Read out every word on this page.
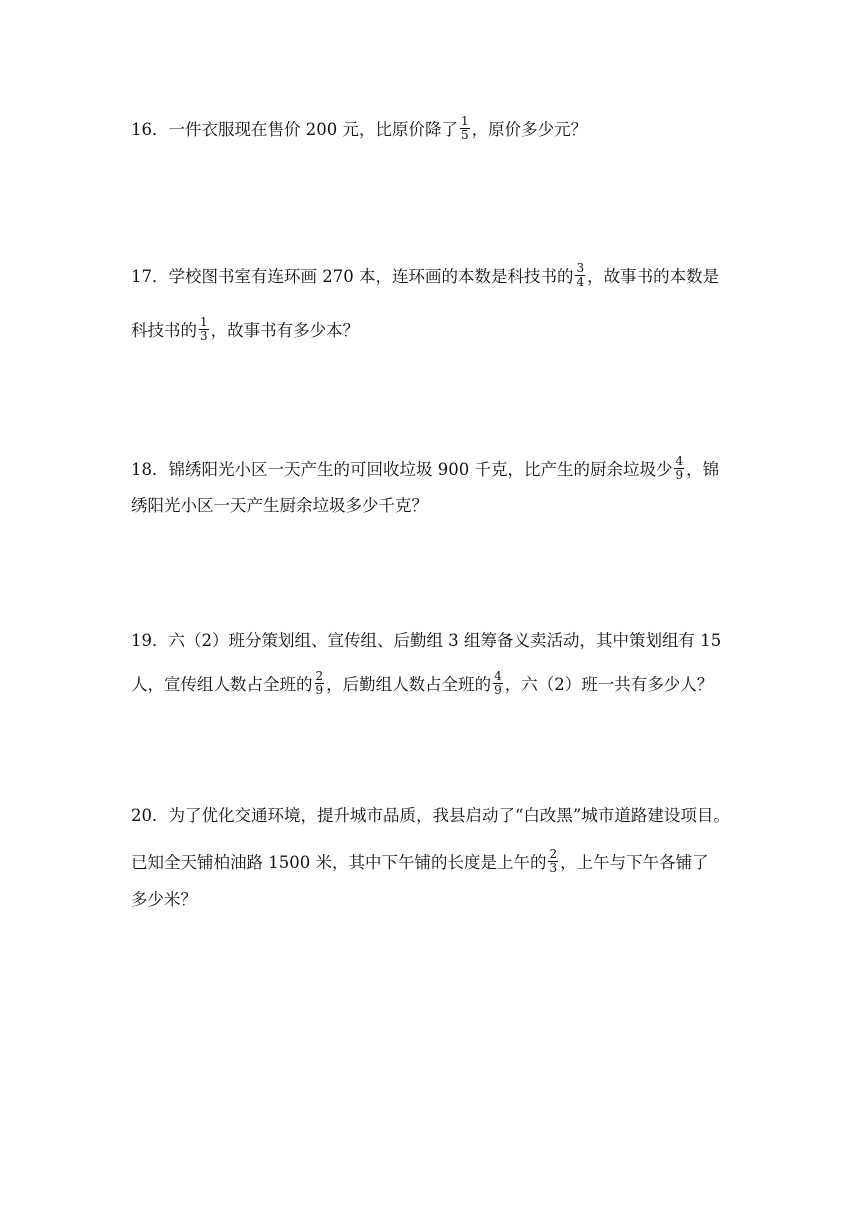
16．一件衣服现在售价 200 元，比原价降了 $\frac{1}{5}$ ，原价多少元？
17．学校图书室有连环画 270 本，连环画的本数是科技书的 $\frac{3}{4}$ ，故事书的本数是
科技书的 $\frac{1}{3}$ ，故事书有多少本？
18．锦绣阳光小区一天产生的可回收垃圾 900 千克，比产生的厨余垃圾少 $\frac{4}{9}$ ，锦
绣阳光小区一天产生厨余垃圾多少千克？
19．六（2）班分策划组、宣传组、后勤组 3 组筹备义卖活动，其中策划组有 15
人，宣传组人数占全班的 $\frac{2}{9}$ ，后勤组人数占全班的 $\frac{4}{9}$ ，六（2）班一共有多少人？
20．为了优化交通环境，提升城市品质，我县启动了“白改黑”城市道路建设项目。
已知全天铺柏油路 1500 米，其中下午铺的长度是上午的 $\frac{2}{3}$ ，上午与下午各铺了
多少米？
